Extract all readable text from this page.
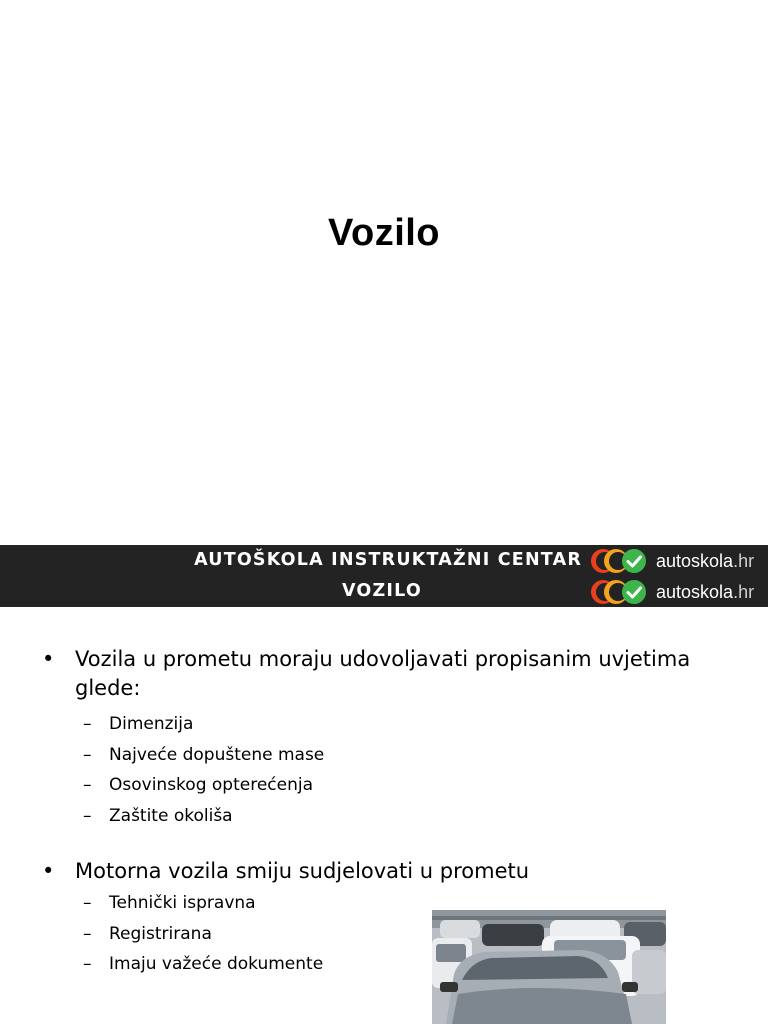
Vozilo
AUTOŠKOLA INSTRUKTAŽNI CENTAR	autoskola.hr
VOZILO	autoskola.hr
• Vozila u prometu moraju udovoljavati propisanim uvjetima glede:
– Dimenzija
– Najveće dopuštene mase
– Osovinskog opterećenja
– Zaštite okoliša
• Motorna vozila smiju sudjelovati u prometu
– Tehnički ispravna
– Registrirana
– Imaju važeće dokumente
